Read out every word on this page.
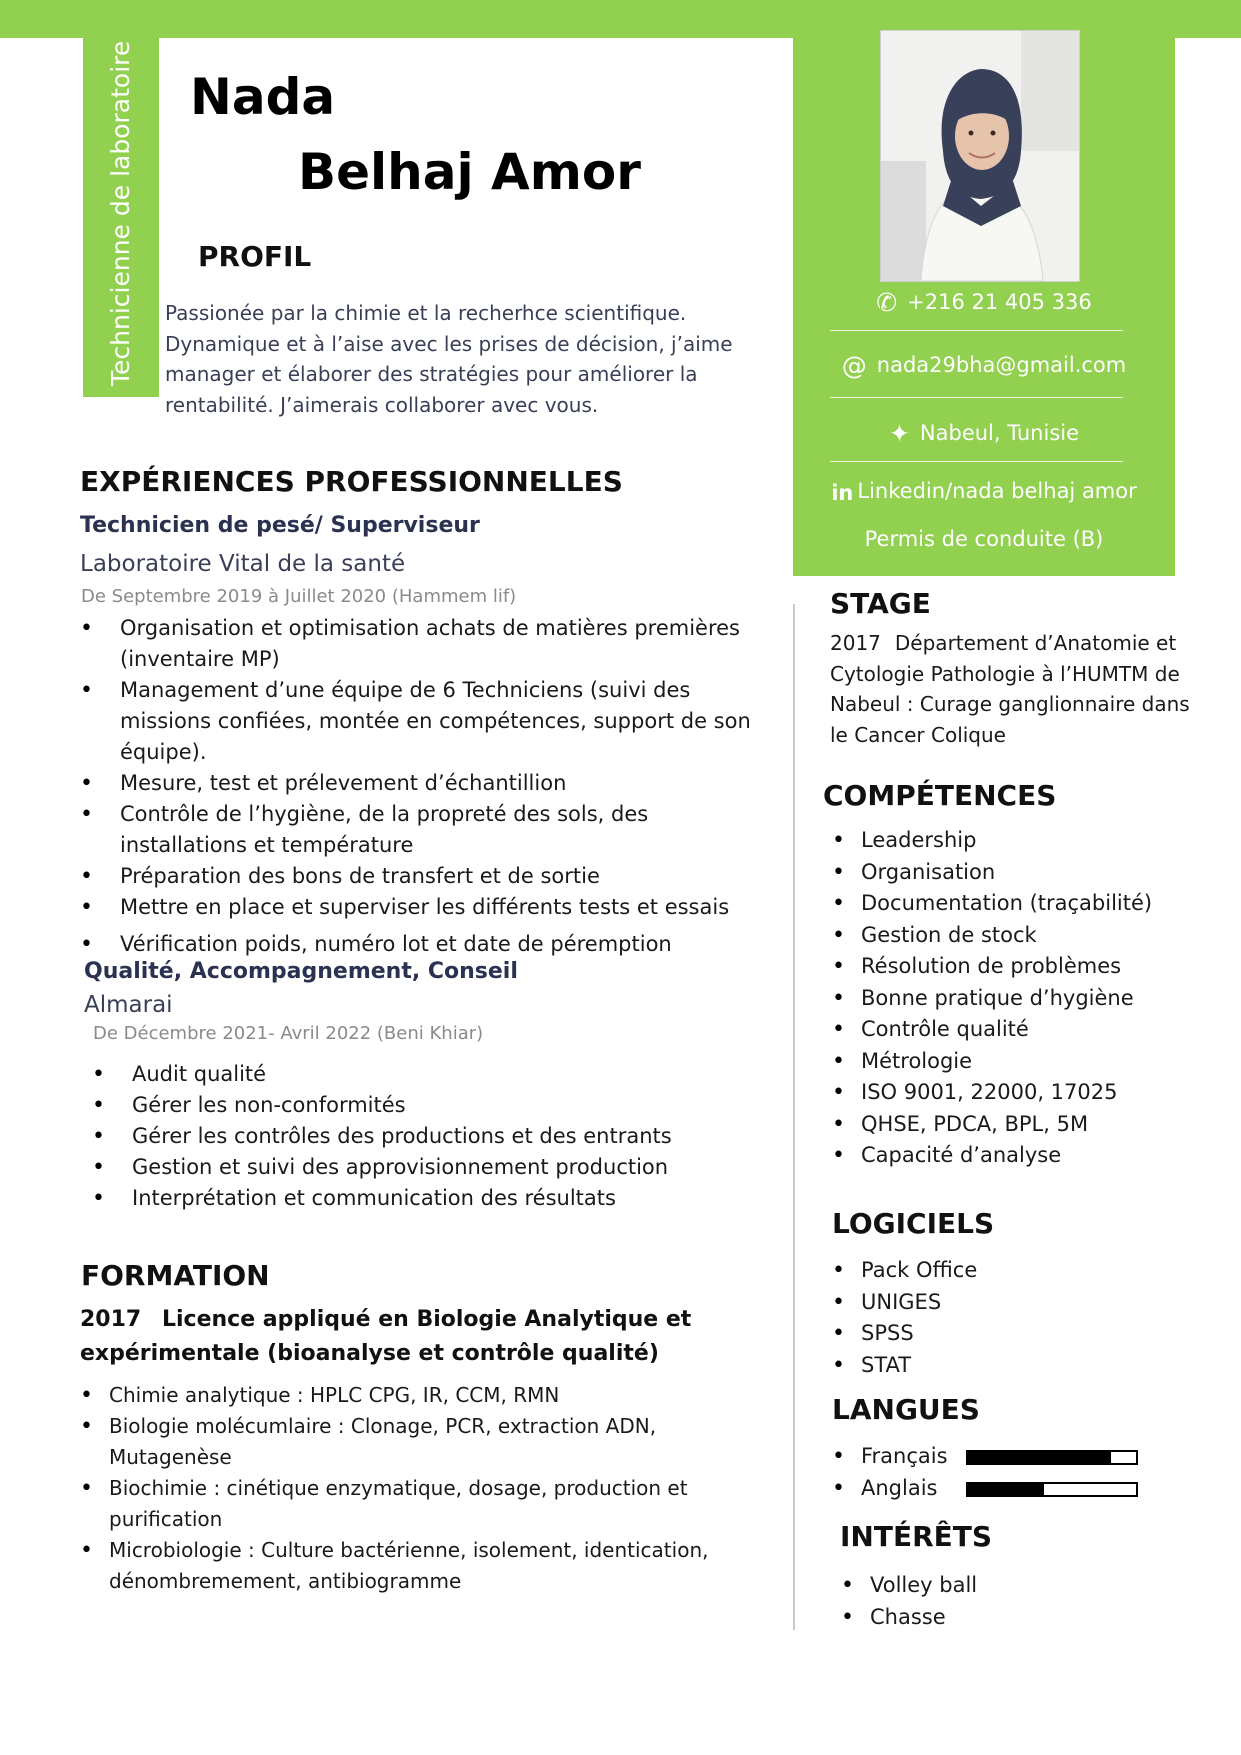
Technicienne de laboratoire Nada
Belhaj Amor
PROFIL
Passionée par la chimie et la recherhce scientifique. Dynamique et à l’aise avec les prises de décision, j’aime manager et élaborer des stratégies pour améliorer la rentabilité. J’aimerais collaborer avec vous.
✆ +216 21 405 336
@ nada29bha@gmail.com
✦ Nabeul, Tunisie
in Linkedin/nada belhaj amor
Permis de conduite (B)
EXPÉRIENCES PROFESSIONNELLES
Technicien de pesé/ Superviseur
Laboratoire Vital de la santé
De Septembre 2019 à Juillet 2020 (Hammem lif)
• Organisation et optimisation achats de matières premières (inventaire MP)
• Management d’une équipe de 6 Techniciens (suivi des missions confiées, montée en compétences, support de son équipe).
• Mesure, test et prélevement d’échantillion
• Contrôle de l’hygiène, de la propreté des sols, des installations et température
• Préparation des bons de transfert et de sortie
• Mettre en place et superviser les différents tests et essais
• Vérification poids, numéro lot et date de péremption
Qualité, Accompagnement, Conseil
Almarai
De Décembre 2021- Avril 2022 (Beni Khiar)
• Audit qualité
• Gérer les non-conformités
• Gérer les contrôles des productions et des entrants
• Gestion et suivi des approvisionnement production
• Interprétation et communication des résultats
FORMATION
2017 Licence appliqué en Biologie Analytique et expérimentale (bioanalyse et contrôle qualité)
• Chimie analytique : HPLC CPG, IR, CCM, RMN
• Biologie molécumlaire : Clonage, PCR, extraction ADN, Mutagenèse
• Biochimie : cinétique enzymatique, dosage, production et purification
• Microbiologie : Culture bactérienne, isolement, identication, dénombremement, antibiogramme
STAGE
2017 Département d’Anatomie et Cytologie Pathologie à l’HUMTM de Nabeul : Curage ganglionnaire dans le Cancer Colique
COMPÉTENCES
• Leadership
• Organisation
• Documentation (traçabilité)
• Gestion de stock
• Résolution de problèmes
• Bonne pratique d’hygiène
• Contrôle qualité
• Métrologie
• ISO 9001, 22000, 17025
• QHSE, PDCA, BPL, 5M
• Capacité d’analyse
LOGICIELS
• Pack Office
• UNIGES
• SPSS
• STAT
LANGUES
• Français
• Anglais
INTÉRÊTS
• Volley ball
• Chasse
